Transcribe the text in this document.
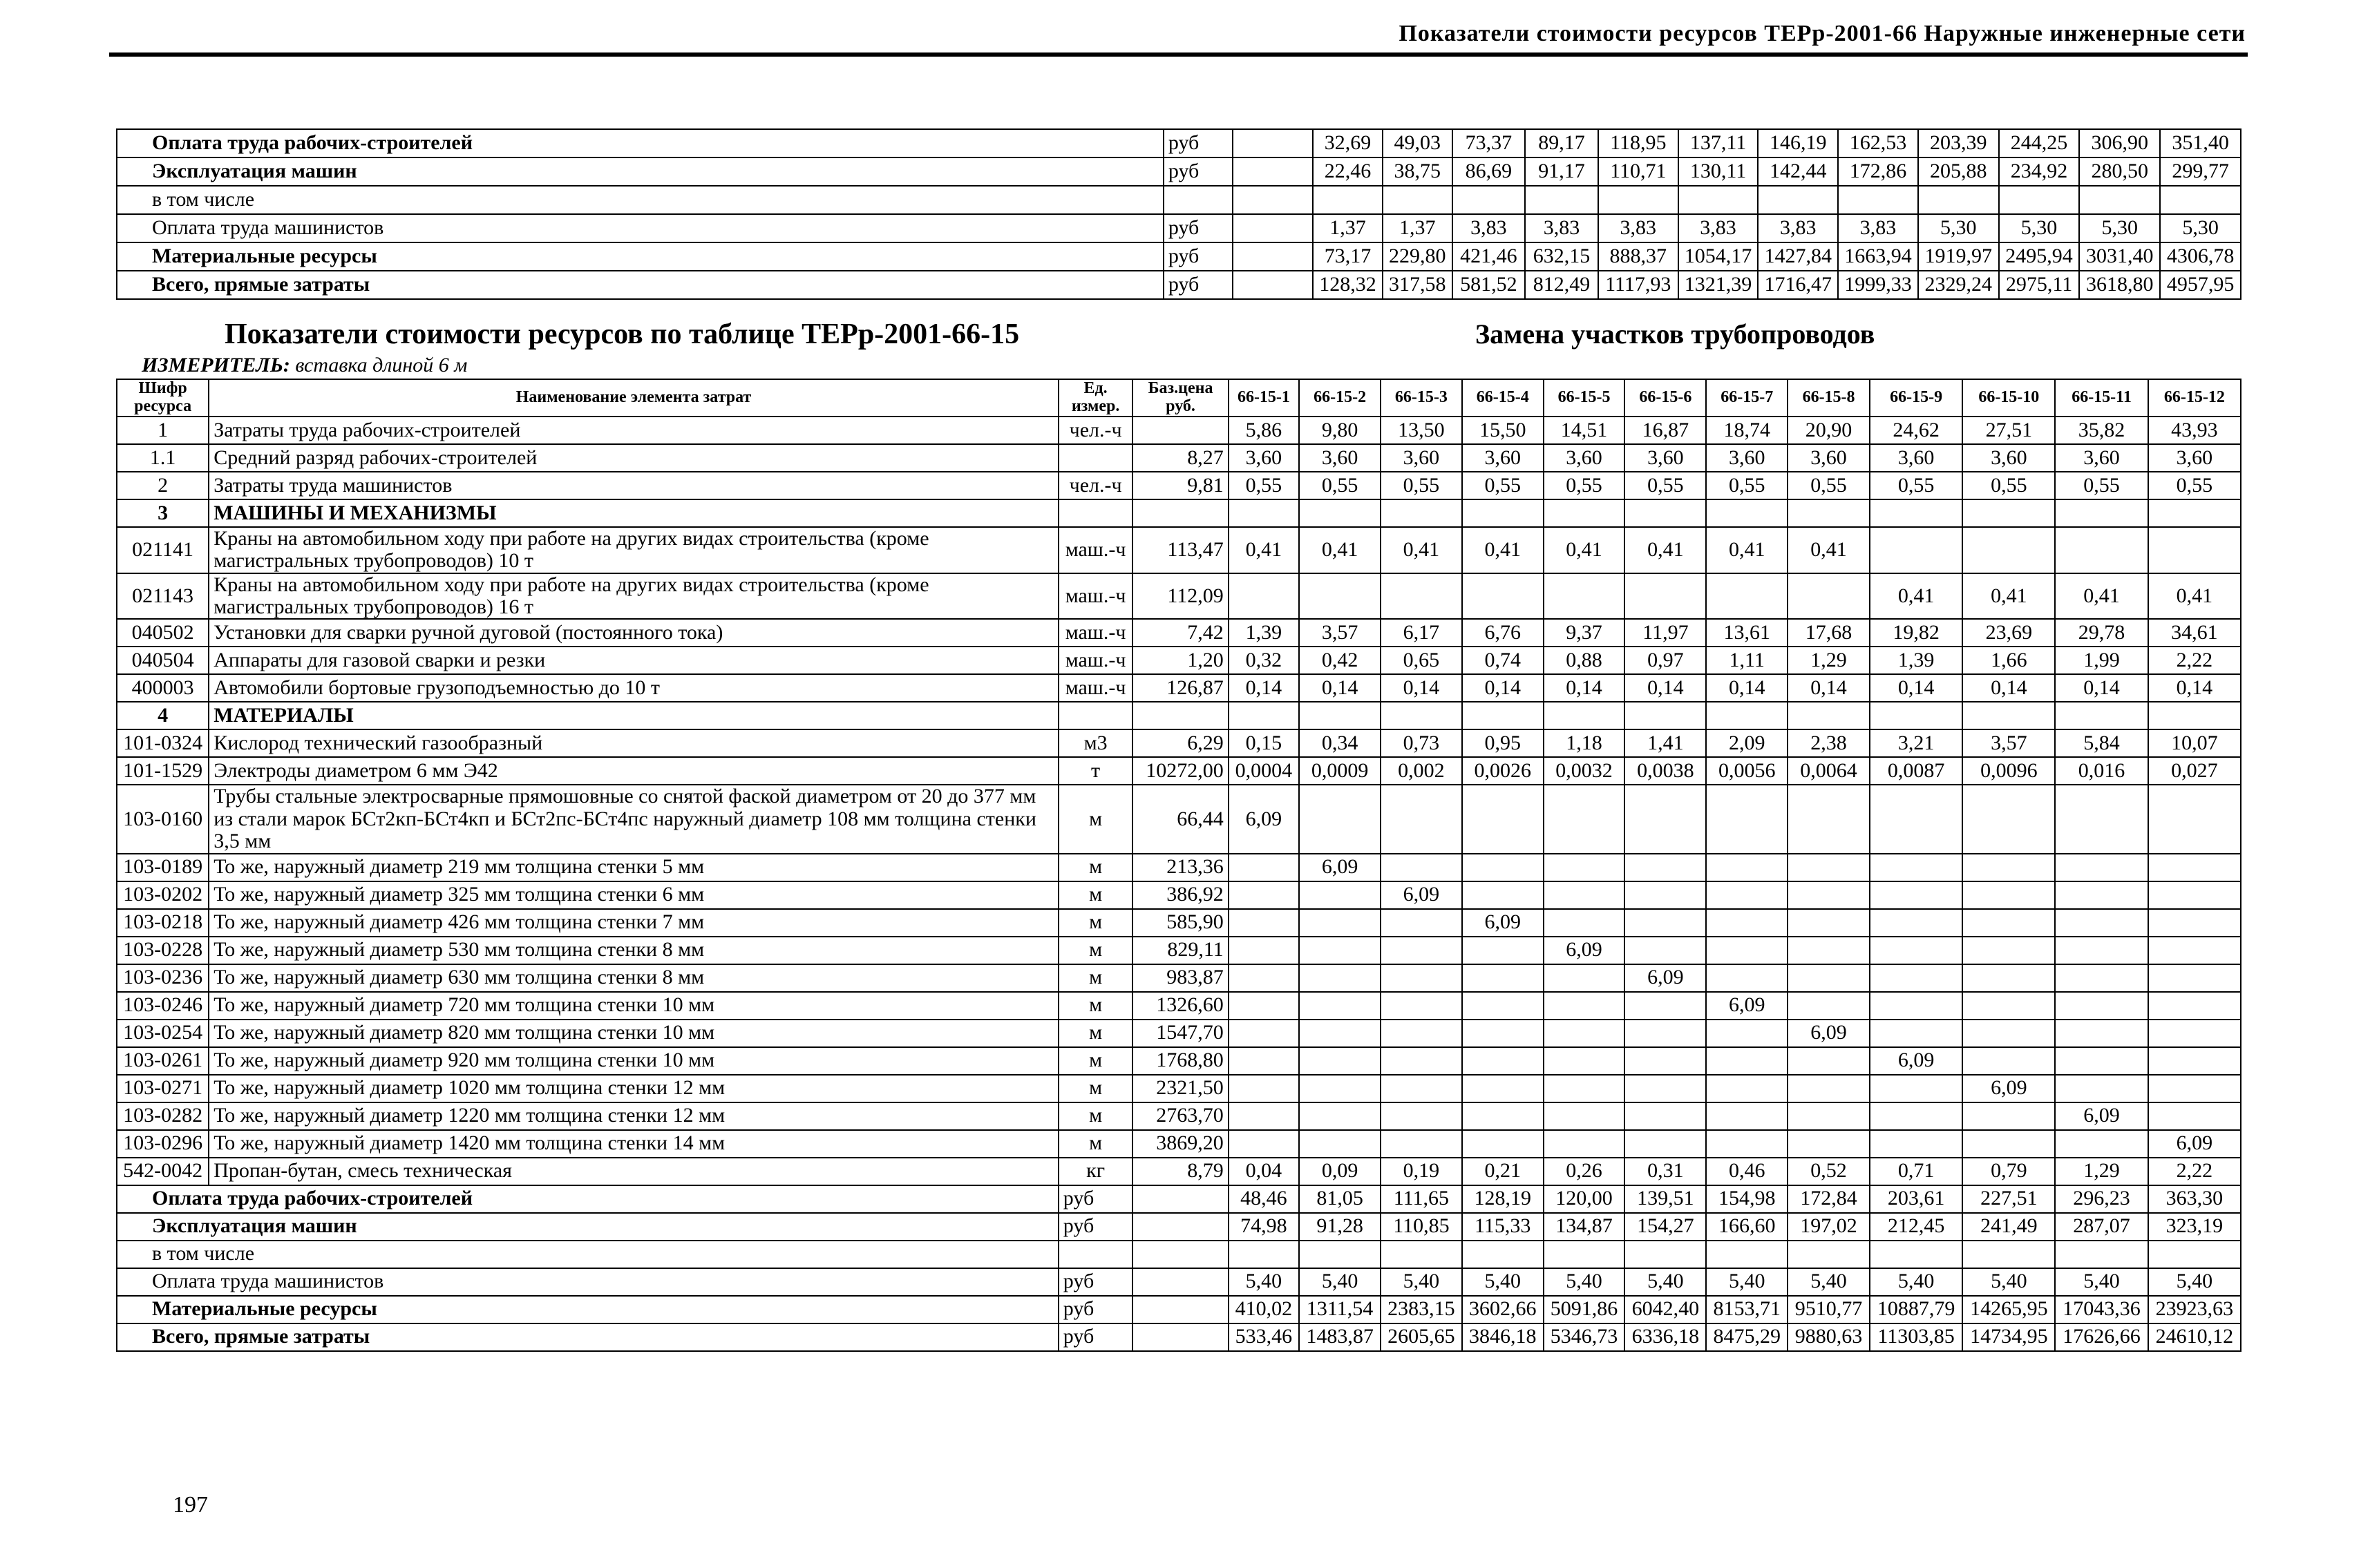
Показатели стоимости ресурсов ТЕРр-2001-66 Наружные инженерные сети
Оплата труда рабочих-строителей	руб		32,69	49,03	73,37	89,17	118,95	137,11	146,19	162,53	203,39	244,25	306,90	351,40
Эксплуатация машин	руб		22,46	38,75	86,69	91,17	110,71	130,11	142,44	172,86	205,88	234,92	280,50	299,77
в том числе														
Оплата труда машинистов	руб		1,37	1,37	3,83	3,83	3,83	3,83	3,83	3,83	5,30	5,30	5,30	5,30
Материальные ресурсы	руб		73,17	229,80	421,46	632,15	888,37	1054,17	1427,84	1663,94	1919,97	2495,94	3031,40	4306,78
Всего, прямые затраты	руб		128,32	317,58	581,52	812,49	1117,93	1321,39	1716,47	1999,33	2329,24	2975,11	3618,80	4957,95
Показатели стоимости ресурсов по таблице ТЕРр-2001-66-15	Замена участков трубопроводов
ИЗМЕРИТЕЛЬ: вставка длиной 6 м
Шифр ресурса	Наименование элемента затрат	Ед. измер.	Баз.цена руб.	66-15-1	66-15-2	66-15-3	66-15-4	66-15-5	66-15-6	66-15-7	66-15-8	66-15-9	66-15-10	66-15-11	66-15-12
1	Затраты труда рабочих-строителей	чел.-ч		5,86	9,80	13,50	15,50	14,51	16,87	18,74	20,90	24,62	27,51	35,82	43,93
1.1	Средний разряд рабочих-строителей		8,27	3,60	3,60	3,60	3,60	3,60	3,60	3,60	3,60	3,60	3,60	3,60	3,60
2	Затраты труда машинистов	чел.-ч	9,81	0,55	0,55	0,55	0,55	0,55	0,55	0,55	0,55	0,55	0,55	0,55	0,55
3	МАШИНЫ И МЕХАНИЗМЫ														
021141	Краны на автомобильном ходу при работе на других видах строительства (кроме магистральных трубопроводов) 10 т	маш.-ч	113,47	0,41	0,41	0,41	0,41	0,41	0,41	0,41	0,41				
021143	Краны на автомобильном ходу при работе на других видах строительства (кроме магистральных трубопроводов) 16 т	маш.-ч	112,09									0,41	0,41	0,41	0,41
040502	Установки для сварки ручной дуговой (постоянного тока)	маш.-ч	7,42	1,39	3,57	6,17	6,76	9,37	11,97	13,61	17,68	19,82	23,69	29,78	34,61
040504	Аппараты для газовой сварки и резки	маш.-ч	1,20	0,32	0,42	0,65	0,74	0,88	0,97	1,11	1,29	1,39	1,66	1,99	2,22
400003	Автомобили бортовые грузоподъемностью до 10 т	маш.-ч	126,87	0,14	0,14	0,14	0,14	0,14	0,14	0,14	0,14	0,14	0,14	0,14	0,14
4	МАТЕРИАЛЫ														
101-0324	Кислород технический газообразный	м3	6,29	0,15	0,34	0,73	0,95	1,18	1,41	2,09	2,38	3,21	3,57	5,84	10,07
101-1529	Электроды диаметром 6 мм Э42	т	10272,00	0,0004	0,0009	0,002	0,0026	0,0032	0,0038	0,0056	0,0064	0,0087	0,0096	0,016	0,027
103-0160	Трубы стальные электросварные прямошовные со снятой фаской диаметром от 20 до 377 мм из стали марок БСт2кп-БСт4кп и БСт2пс-БСт4пс наружный диаметр 108 мм толщина стенки 3,5 мм	м	66,44	6,09											
103-0189	То же, наружный диаметр 219 мм толщина стенки 5 мм	м	213,36		6,09										
103-0202	То же, наружный диаметр 325 мм толщина стенки 6 мм	м	386,92			6,09									
103-0218	То же, наружный диаметр 426 мм толщина стенки 7 мм	м	585,90				6,09								
103-0228	То же, наружный диаметр 530 мм толщина стенки 8 мм	м	829,11					6,09							
103-0236	То же, наружный диаметр 630 мм толщина стенки 8 мм	м	983,87						6,09						
103-0246	То же, наружный диаметр 720 мм толщина стенки 10 мм	м	1326,60							6,09					
103-0254	То же, наружный диаметр 820 мм толщина стенки 10 мм	м	1547,70								6,09				
103-0261	То же, наружный диаметр 920 мм толщина стенки 10 мм	м	1768,80									6,09			
103-0271	То же, наружный диаметр 1020 мм толщина стенки 12 мм	м	2321,50										6,09		
103-0282	То же, наружный диаметр 1220 мм толщина стенки 12 мм	м	2763,70											6,09	
103-0296	То же, наружный диаметр 1420 мм толщина стенки 14 мм	м	3869,20												6,09
542-0042	Пропан-бутан, смесь техническая	кг	8,79	0,04	0,09	0,19	0,21	0,26	0,31	0,46	0,52	0,71	0,79	1,29	2,22
Оплата труда рабочих-строителей		руб		48,46	81,05	111,65	128,19	120,00	139,51	154,98	172,84	203,61	227,51	296,23	363,30
Эксплуатация машин		руб		74,98	91,28	110,85	115,33	134,87	154,27	166,60	197,02	212,45	241,49	287,07	323,19
в том числе															
Оплата труда машинистов		руб		5,40	5,40	5,40	5,40	5,40	5,40	5,40	5,40	5,40	5,40	5,40	5,40
Материальные ресурсы		руб		410,02	1311,54	2383,15	3602,66	5091,86	6042,40	8153,71	9510,77	10887,79	14265,95	17043,36	23923,63
Всего, прямые затраты		руб		533,46	1483,87	2605,65	3846,18	5346,73	6336,18	8475,29	9880,63	11303,85	14734,95	17626,66	24610,12
197
